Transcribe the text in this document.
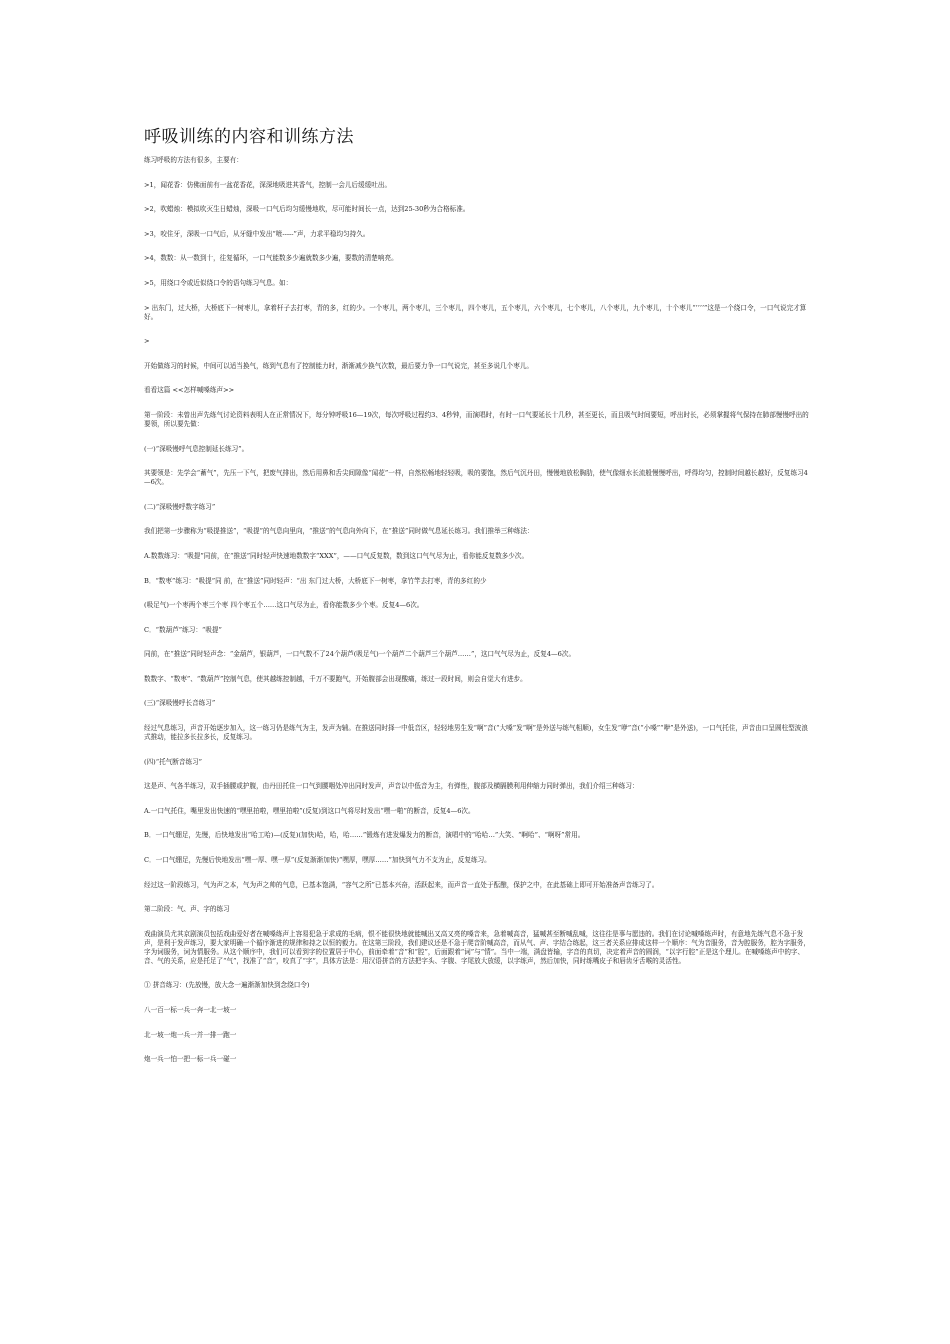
呼吸训练的内容和训练方法
练习呼吸的方法有很多，主要有：
>1，闻花香：仿佛面前有一盆花香花，深深地吸进其香气，控制一会儿后缓缓吐出。
>2，吹蜡烛：模拟吹灭生日蜡烛，深吸一口气后均匀缓慢地吹，尽可能时间长一点，达到25-30秒为合格标准。
>3，咬住牙，深吸一口气后，从牙缝中发出“咝-----”声，力求平稳均匀持久。
>4，数数：从一数到十，往复循环，一口气能数多少遍就数多少遍，要数的清楚响亮。
>5，用绕口令或近似绕口令的语句练习气息。如：
> 出东门，过大桥，大桥底下一树枣儿，拿着杆子去打枣，青的多，红的少。一个枣儿，两个枣儿，三个枣儿，四个枣儿，五个枣儿，六个枣儿，七个枣儿，八个枣儿，九个枣儿，十个枣儿“’’’’”这是一个绕口令，一口气说完才算好。
>
开始做练习的时候，中间可以适当换气，练到气息有了控制能力时，渐渐减少换气次数，最后要力争一口气说完，甚至多说几个枣儿。
看看这篇 <<怎样喊嗓练声>>
第一阶段：未曾出声先练气讨论资料表明人在正常情况下，每分钟呼吸16—19次，每次呼吸过程约3、4秒钟，而演唱时，有时一口气要延长十几秒，甚至更长，而且吸气时间要短，呼出时长，必须掌握将气保持在肺部慢慢呼出的要领，所以要先做：
(一)“深吸慢呼气息控制延长练习”。
其要领是：先学会“蓄气”，先压一下气，把废气排出，然后用鼻和舌尖间隙像“闻花”一样，自然松畅地轻轻吸，吸的要饱，然后气沉丹田，慢慢地放松胸肋，使气像细水长流般慢慢呼出，呼得均匀，控制时间越长越好，反复练习4—6次。
(二)“深吸慢呼数字练习”
我们把第一步骤称为“吸提推送”，“吸提”的气息向里向，“推送”的气息向外向下，在“推送”同时做气息延长练习。我们推举三种练法：
A.数数练习：“吸提”同前，在“推送”同时轻声快速地数数字“XXX”，——口气反复数，数到这口气气尽为止，看你能反复数多少次。
B．“数枣”练习：“吸提”同 前，在“推送”同时轻声：“出 东门过大桥，大桥底下一树枣，拿竹竿去打枣，青的多红的少
(吸足气)一个枣两个枣三个枣 四个枣五个……这口气尽为止，看你能数多少个枣。反复4—6次。
C．“数葫芦”练习：“吸提”
同前，在“推送”同时轻声念：“金葫芦，银葫芦，一口气数不了24个葫芦(吸足气)一个葫芦二个葫芦三个葫芦……”，这口气气尽为止，反复4—6次。
数数字、“数枣”、“数葫芦”控制气息，使其越练控制越，千万不要跑气，开始腹部会出现酸痛，练过一段时间，则会自觉大有进步。
(三)“深吸慢呼长音练习”
经过气息练习，声音开始逐步加入，这一练习仍是练气为主，发声为辅。在推送同时择一中低音区，轻轻地男生发“啊”音(“大嗓”发“啊”是外送与练气相顺)，女生发“咿”音(“小嗓”“咿”是外送)，一口气托住，声音由口呈圆柱型波浪式推动，能拉多长拉多长，反复练习。
(四)“托气断音练习”
这是声、气各半练习，双手插腰或护腹，由丹田托住一口气到腰咽处冲出同时发声，声音以中低音为主，有弹性，腹部及横膈膜利用伸缩力同时弹出，我们介绍三种练习：
A.一口气托住，嘴里发出快速的“嘿里拍啦，嘿里拍啦”(反复)到这口气将尽时发出“嘿一啪”的断音，反复4—6次。
B．一口气绷足，先慢，后快地发出“哈工哈)—(反复)(加快)哈，哈，哈……”锻炼有进发爆发力的断音，演唱中的“哈哈…”大笑、“啊哈”、“啊呀”常用。
C．一口气绷足，先慢后快地发出“嘿一厚、嘿一厚”(反复渐渐加快)“嘿厚，嘿厚……”加快到气力不支为止，反复练习。
经过这一阶段练习，气为声之本，气为声之帅的气息，已基本饱满，“容气之所”已基本兴奋，活跃起来，而声音一直处于酝酿，保护之中，在此基础上即可开始准备声音练习了。
第二阶段：气、声、字的练习
戏曲演员尤其京剧演员包括戏曲爱好者在喊嗓练声上容易犯急于求成的毛病，恨不能很快地就能喊出又高又亮的嗓音来，急着喊高音，猛喊甚至断喊乱喊，这往往是事与愿违的。我们在讨论喊嗓练声时，有意地先练气息不急于发声，是利于发声练习，要大家明确一个循序渐进的规律和持之以恒的毅力。在这第三阶段，我们建议还是不急于爬音阶喊高音，而从气、声、字结合练起，这三者关系应排成这样一个顺序：气为音服务，音为腔服务，腔为字服务，字为词服务，词为情服务。从这个顺序中，我们可以看到字的位置居于中心，前面牵着“音”和“腔”，后面跟着“词”与“情”。当中一端，满盘皆输，字音的真切，决定着声音的圆润，“以字行腔”正是这个理儿。在喊嗓练声中的字、音、气的关系，应是托足了“气”，找准了“音”，咬真了“字”，具体方法是：用汉语拼音的方法把字头、字腹、字尾放大放缓，以字练声，然后加快，同时练嘴皮子和唇齿牙舌喉的灵活性。
① 拼音练习：(先放慢，放大念一遍渐渐加快到念绕口令)
八一百一标一兵一奔一北一坡一
北一坡一炮一兵一并一排一跑一
炮一兵一怕一把一标一兵一碰一
